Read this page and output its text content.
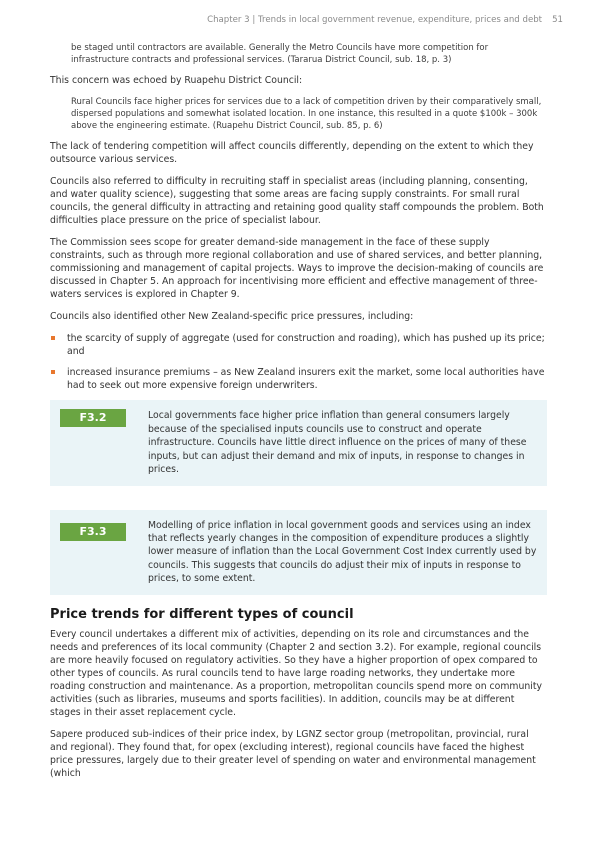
Chapter 3 | Trends in local government revenue, expenditure, prices and debt 51

be staged until contractors are available. Generally the Metro Councils have more competition for infrastructure contracts and professional services. (Tararua District Council, sub. 18, p. 3)

This concern was echoed by Ruapehu District Council:

Rural Councils face higher prices for services due to a lack of competition driven by their comparatively small, dispersed populations and somewhat isolated location. In one instance, this resulted in a quote $100k – 300k above the engineering estimate. (Ruapehu District Council, sub. 85, p. 6)

The lack of tendering competition will affect councils differently, depending on the extent to which they outsource various services.

Councils also referred to difficulty in recruiting staff in specialist areas (including planning, consenting, and water quality science), suggesting that some areas are facing supply constraints. For small rural councils, the general difficulty in attracting and retaining good quality staff compounds the problem. Both difficulties place pressure on the price of specialist labour.

The Commission sees scope for greater demand-side management in the face of these supply constraints, such as through more regional collaboration and use of shared services, and better planning, commissioning and management of capital projects. Ways to improve the decision-making of councils are discussed in Chapter 5. An approach for incentivising more efficient and effective management of three-waters services is explored in Chapter 9.

Councils also identified other New Zealand-specific price pressures, including:

the scarcity of supply of aggregate (used for construction and roading), which has pushed up its price; and
increased insurance premiums – as New Zealand insurers exit the market, some local authorities have had to seek out more expensive foreign underwriters.
F3.2	Local governments face higher price inflation than general consumers largely because of the specialised inputs councils use to construct and operate infrastructure. Councils have little direct influence on the prices of many of these inputs, but can adjust their demand and mix of inputs, in response to changes in prices.
F3.3	Modelling of price inflation in local government goods and services using an index that reflects yearly changes in the composition of expenditure produces a slightly lower measure of inflation than the Local Government Cost Index currently used by councils. This suggests that councils do adjust their mix of inputs in response to prices, to some extent.
Price trends for different types of council

Every council undertakes a different mix of activities, depending on its role and circumstances and the needs and preferences of its local community (Chapter 2 and section 3.2). For example, regional councils are more heavily focused on regulatory activities. So they have a higher proportion of opex compared to other types of councils. As rural councils tend to have large roading networks, they undertake more roading construction and maintenance. As a proportion, metropolitan councils spend more on community activities (such as libraries, museums and sports facilities). In addition, councils may be at different stages in their asset replacement cycle.

Sapere produced sub-indices of their price index, by LGNZ sector group (metropolitan, provincial, rural and regional). They found that, for opex (excluding interest), regional councils have faced the highest price pressures, largely due to their greater level of spending on water and environmental management (which
